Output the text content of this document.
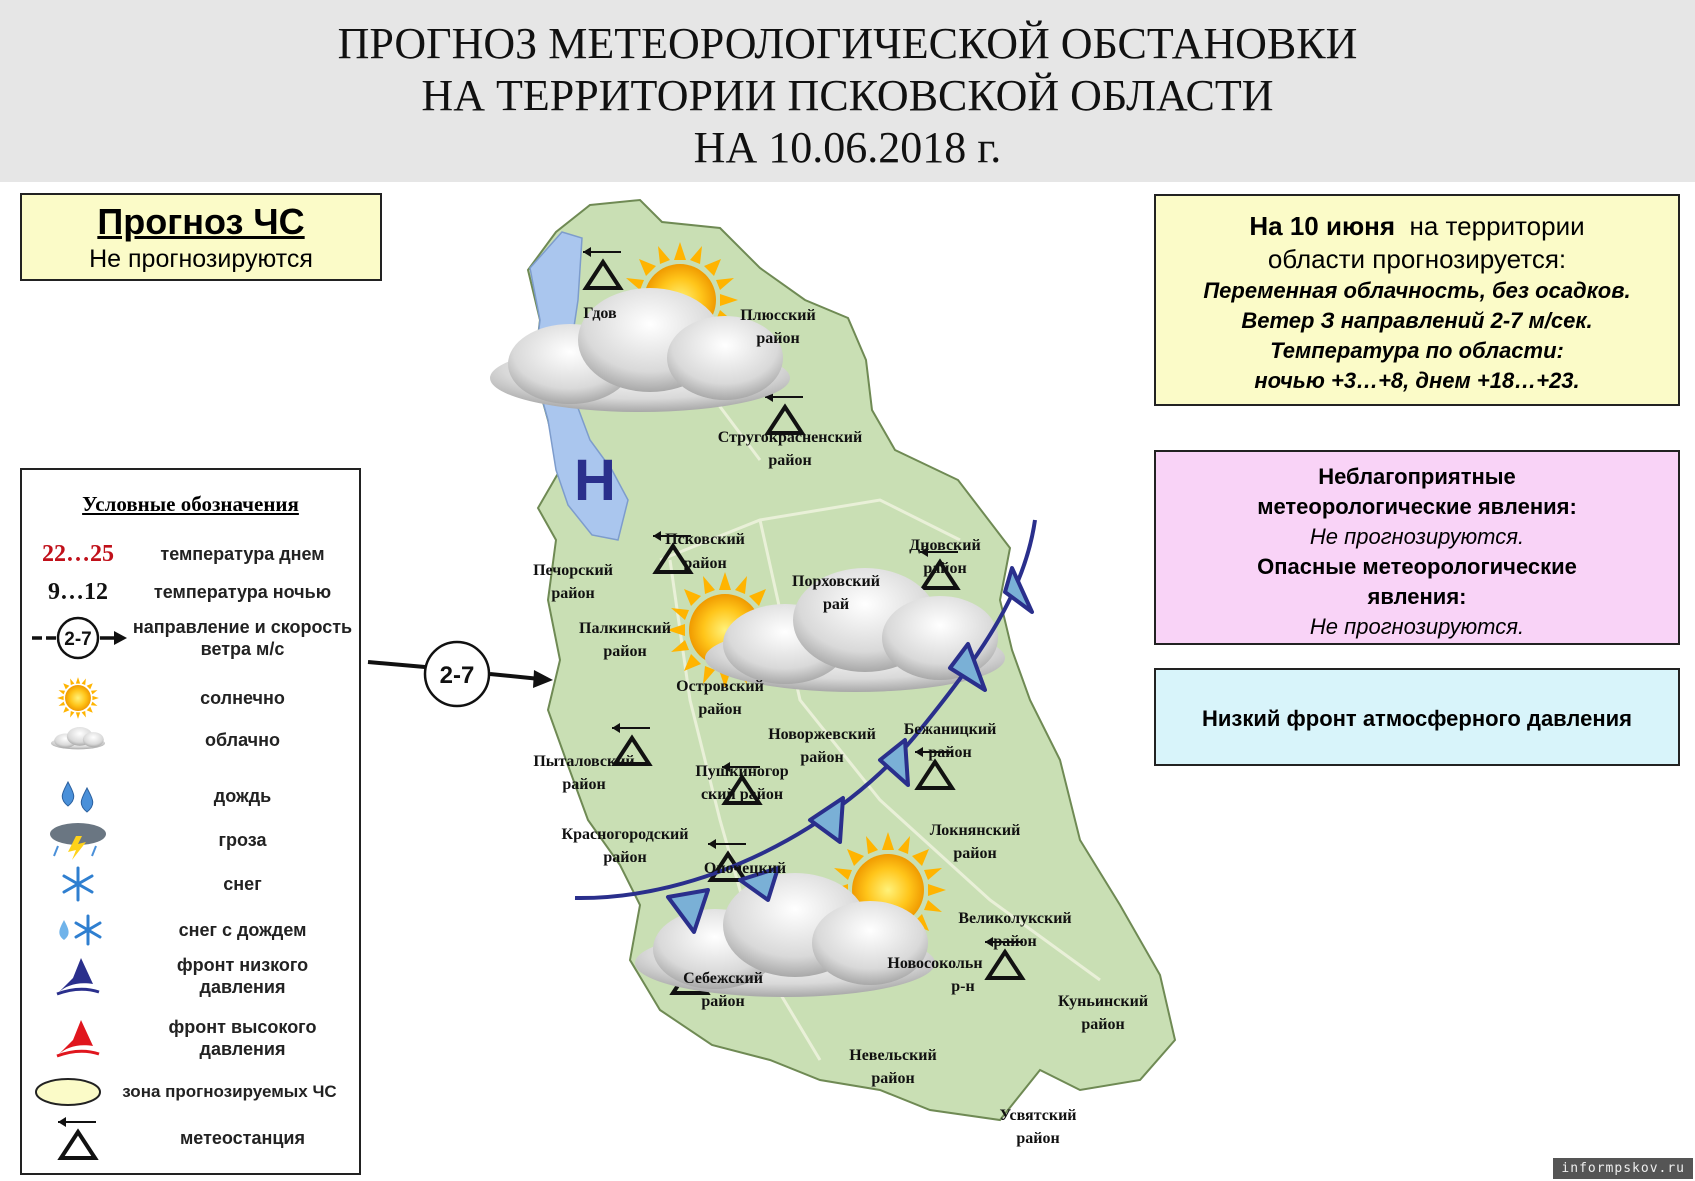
ПРОГНОЗ МЕТЕОРОЛОГИЧЕСКОЙ ОБСТАНОВКИ
НА ТЕРРИТОРИИ ПСКОВСКОЙ ОБЛАСТИ
НА 10.06.2018 г.
Н
2-7
Гдов	Плюсский
район
Стругокрасненский
район
Псковский
район
Дновский
район
Печорский
район
Порховский
рай
Палкинский
район
Островский
район
Новоржевский
район
Бежаницкий
район
Пыталовский
район
Пушкиногор
ский район
Локнянский
район
Красногородский
район
Опочецкий
Великолукский
район
Себежский
район
Новосокольн
р-н
Куньинский
район
Невельский
район
Усвятский
район
Прогноз ЧС
Не прогнозируются
На 10 июня на территории
области прогнозируется:
Переменная облачность, без осадков.
Ветер З направлений 2-7 м/сек.
Температура по области:
ночью +3…+8, днем +18…+23.
Неблагоприятные
метеорологические явления:
Не прогнозируются.
Опасные метеорологические
явления:
Не прогнозируются.
Низкий фронт атмосферного давления
Условные обозначения
22…25	температура днем
9…12	температура ночью
2-7
направление и скорость ветра м/с
солнечно
облачно
дождь
гроза
снег
снег с дождем
фронт низкого давления
фронт высокого давления
зона прогнозируемых ЧС
метеостанция
informpskov.ru
